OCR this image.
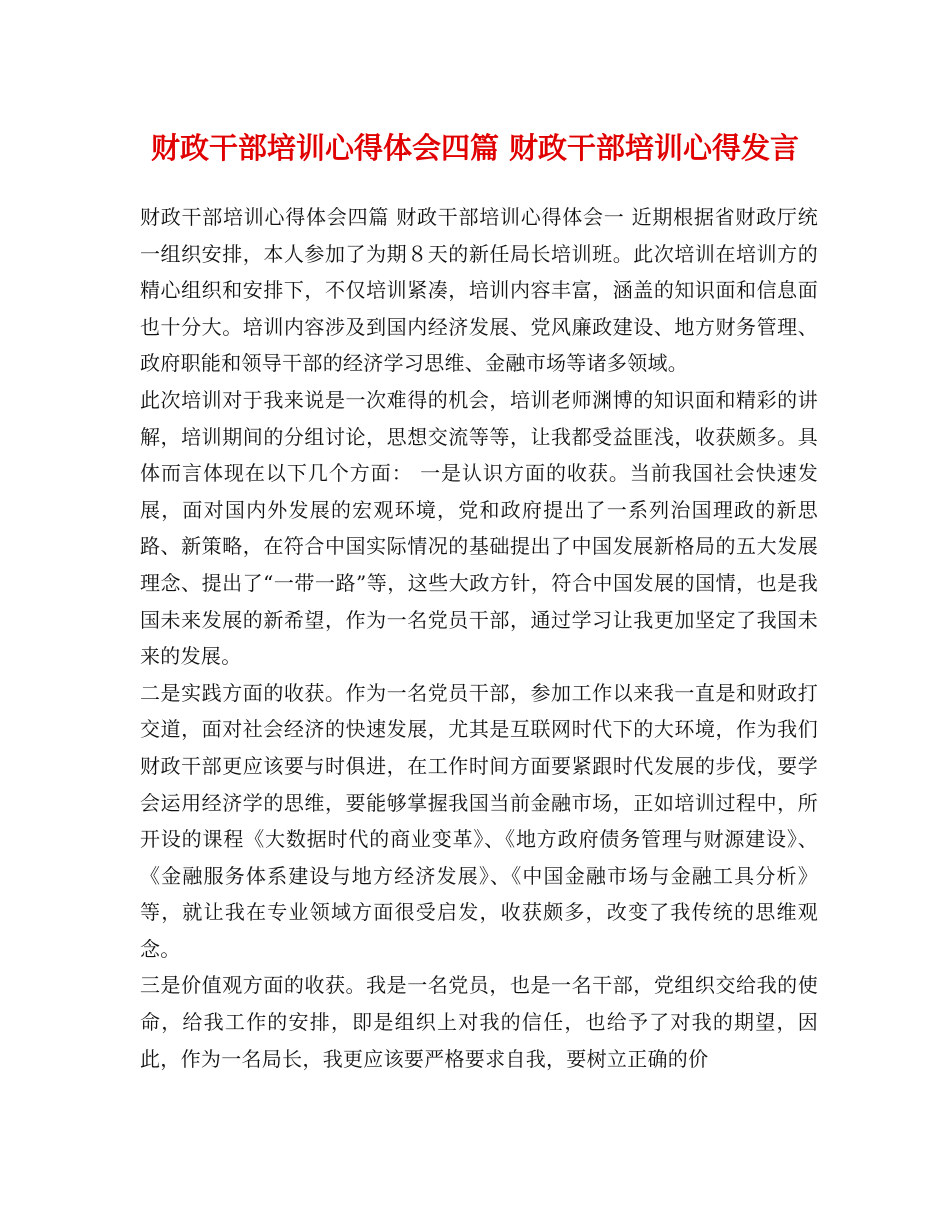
财政干部培训心得体会四篇 财政干部培训心得发言

财政干部培训心得体会四篇 财政干部培训心得体会一 近期根据省财政厅统一组织安排，本人参加了为期８天的新任局长培训班。此次培训在培训方的精心组织和安排下，不仅培训紧凑，培训内容丰富，涵盖的知识面和信息面也十分大。培训内容涉及到国内经济发展、党风廉政建设、地方财务管理、政府职能和领导干部的经济学习思维、金融市场等诸多领域。

此次培训对于我来说是一次难得的机会，培训老师渊博的知识面和精彩的讲解，培训期间的分组讨论，思想交流等等，让我都受益匪浅，收获颇多。具体而言体现在以下几个方面： 一是认识方面的收获。当前我国社会快速发展，面对国内外发展的宏观环境，党和政府提出了一系列治国理政的新思路、新策略，在符合中国实际情况的基础提出了中国发展新格局的五大发展理念、提出了“一带一路”等，这些大政方针，符合中国发展的国情，也是我国未来发展的新希望，作为一名党员干部，通过学习让我更加坚定了我国未来的发展。

二是实践方面的收获。作为一名党员干部，参加工作以来我一直是和财政打交道，面对社会经济的快速发展，尤其是互联网时代下的大环境，作为我们财政干部更应该要与时俱进，在工作时间方面要紧跟时代发展的步伐，要学会运用经济学的思维，要能够掌握我国当前金融市场，正如培训过程中，所开设的课程《大数据时代的商业变革》、《地方政府债务管理与财源建设》、《金融服务体系建设与地方经济发展》、《中国金融市场与金融工具分析》等，就让我在专业领域方面很受启发，收获颇多，改变了我传统的思维观念。

三是价值观方面的收获。我是一名党员，也是一名干部，党组织交给我的使命，给我工作的安排，即是组织上对我的信任，也给予了对我的期望，因此，作为一名局长，我更应该要严格要求自我，要树立正确的价
